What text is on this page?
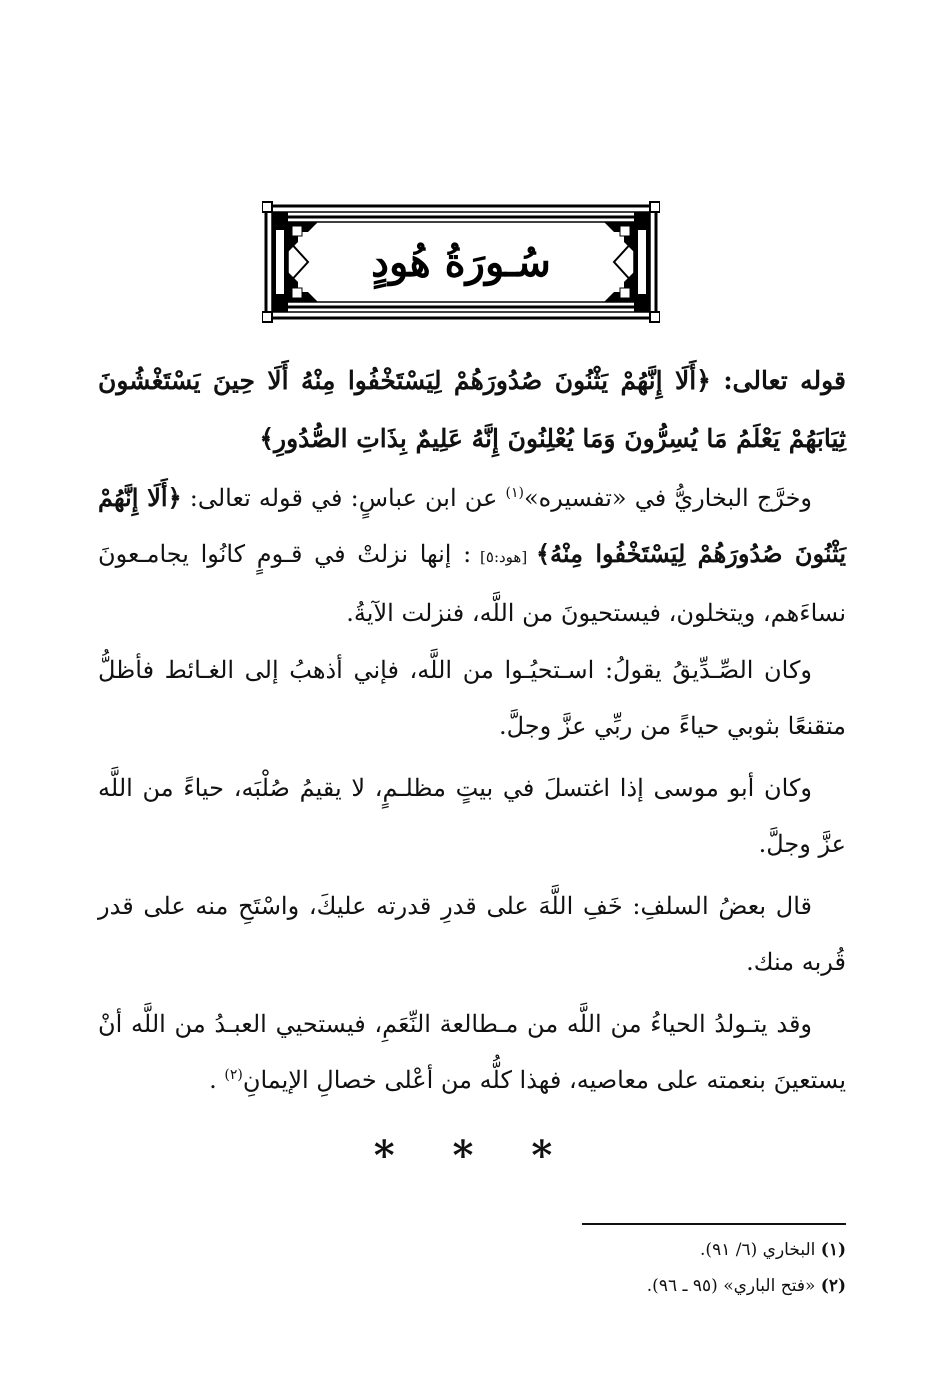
سُـورَةُ هُودٍ
قوله تعالى: ﴿أَلَا إِنَّهُمْ يَثْنُونَ صُدُورَهُمْ لِيَسْتَخْفُوا مِنْهُ أَلَا حِينَ يَسْتَغْشُونَ ثِيَابَهُمْ يَعْلَمُ مَا يُسِرُّونَ وَمَا يُعْلِنُونَ إِنَّهُ عَلِيمٌ بِذَاتِ الصُّدُورِ﴾
وخرَّج البخاريُّ في «تفسيره»$^{(١)}$ عن ابن عباسٍ: في قوله تعالى: ﴿أَلَا إِنَّهُمْ يَثْنُونَ صُدُورَهُمْ لِيَسْتَخْفُوا مِنْهُ﴾ [هود:٥] : إنها نزلتْ في قـومٍ كانُوا يجامـعونَ نساءَهم، ويتخلون، فيستحيونَ من اللَّه، فنزلت الآيةُ.
وكان الصِّـدِّيقُ يقولُ: اسـتحيُـوا من اللَّه، فإني أذهبُ إلى الغـائط فأظلُّ متقنعًا بثوبي حياءً من ربِّي عزَّ وجلَّ.
وكان أبو موسى إذا اغتسلَ في بيتٍ مظلـمٍ، لا يقيمُ صُلْبَه، حياءً من اللَّه عزَّ وجلَّ.
قال بعضُ السلفِ: خَفِ اللَّهَ على قدرِ قدرته عليكَ، واسْتَحِ منه على قدر قُربه منك.
وقد يتـولدُ الحياءُ من اللَّه من مـطالعة النِّعَمِ، فيستحيي العبـدُ من اللَّه أنْ يستعينَ بنعمته على معاصيه، فهذا كلُّه من أعْلى خصالِ الإيمانِ$^{(٢)}$ .
* * *
(١) البخاري (٦/ ٩١).
(٢) «فتح الباري» (٩٥ ـ ٩٦).
